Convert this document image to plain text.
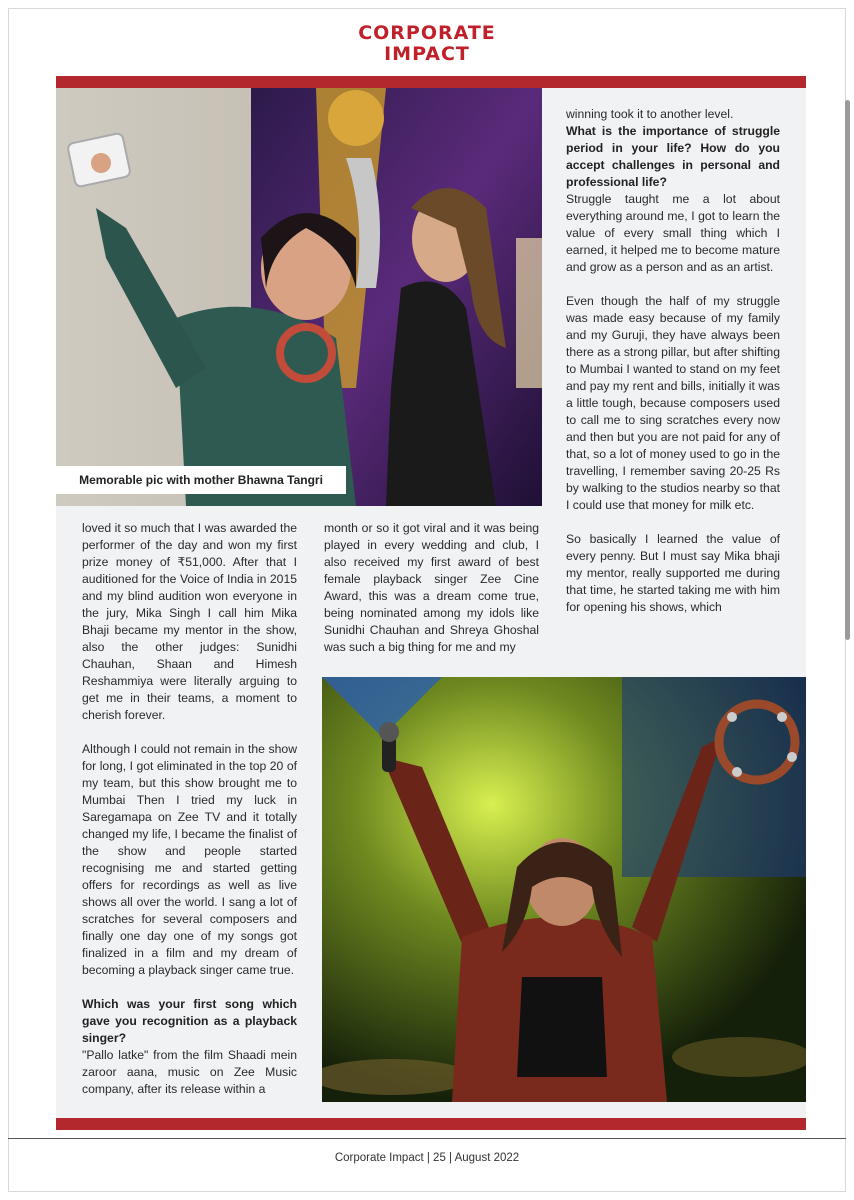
CORPORATE
IMPACT
Memorable pic with mother Bhawna Tangri

winning took it to another level.

What is the importance of struggle period in your life? How do you accept challenges in personal and professional life?

Struggle taught me a lot about everything around me, I got to learn the value of every small thing which I earned, it helped me to become mature and grow as a person and as an artist.

Even though the half of my struggle was made easy because of my family and my Guruji, they have always been there as a strong pillar, but after shifting to Mumbai I wanted to stand on my feet and pay my rent and bills, initially it was a little tough, because composers used to call me to sing scratches every now and then but you are not paid for any of that, so a lot of money used to go in the travelling, I remember saving 20-25 Rs by walking to the studios nearby so that I could use that money for milk etc.

So basically I learned the value of every penny. But I must say Mika bhaji my mentor, really supported me during that time, he started taking me with him for opening his shows, which

loved it so much that I was awarded the performer of the day and won my first prize money of ₹51,000. After that I auditioned for the Voice of India in 2015 and my blind audition won everyone in the jury, Mika Singh I call him Mika Bhaji became my mentor in the show, also the other judges: Sunidhi Chauhan, Shaan and Himesh Reshammiya were literally arguing to get me in their teams, a moment to cherish forever.

Although I could not remain in the show for long, I got eliminated in the top 20 of my team, but this show brought me to Mumbai Then I tried my luck in Saregamapa on Zee TV and it totally changed my life, I became the finalist of the show and people started recognising me and started getting offers for recordings as well as live shows all over the world. I sang a lot of scratches for several composers and finally one day one of my songs got finalized in a film and my dream of becoming a playback singer came true.

Which was your first song which gave you recognition as a playback singer?

"Pallo latke" from the film Shaadi mein zaroor aana, music on Zee Music company, after its release within a

month or so it got viral and it was being played in every wedding and club, I also received my first award of best female playback singer Zee Cine Award, this was a dream come true, being nominated among my idols like Sunidhi Chauhan and Shreya Ghoshal was such a big thing for me and my

Corporate Impact | 25 | August 2022
